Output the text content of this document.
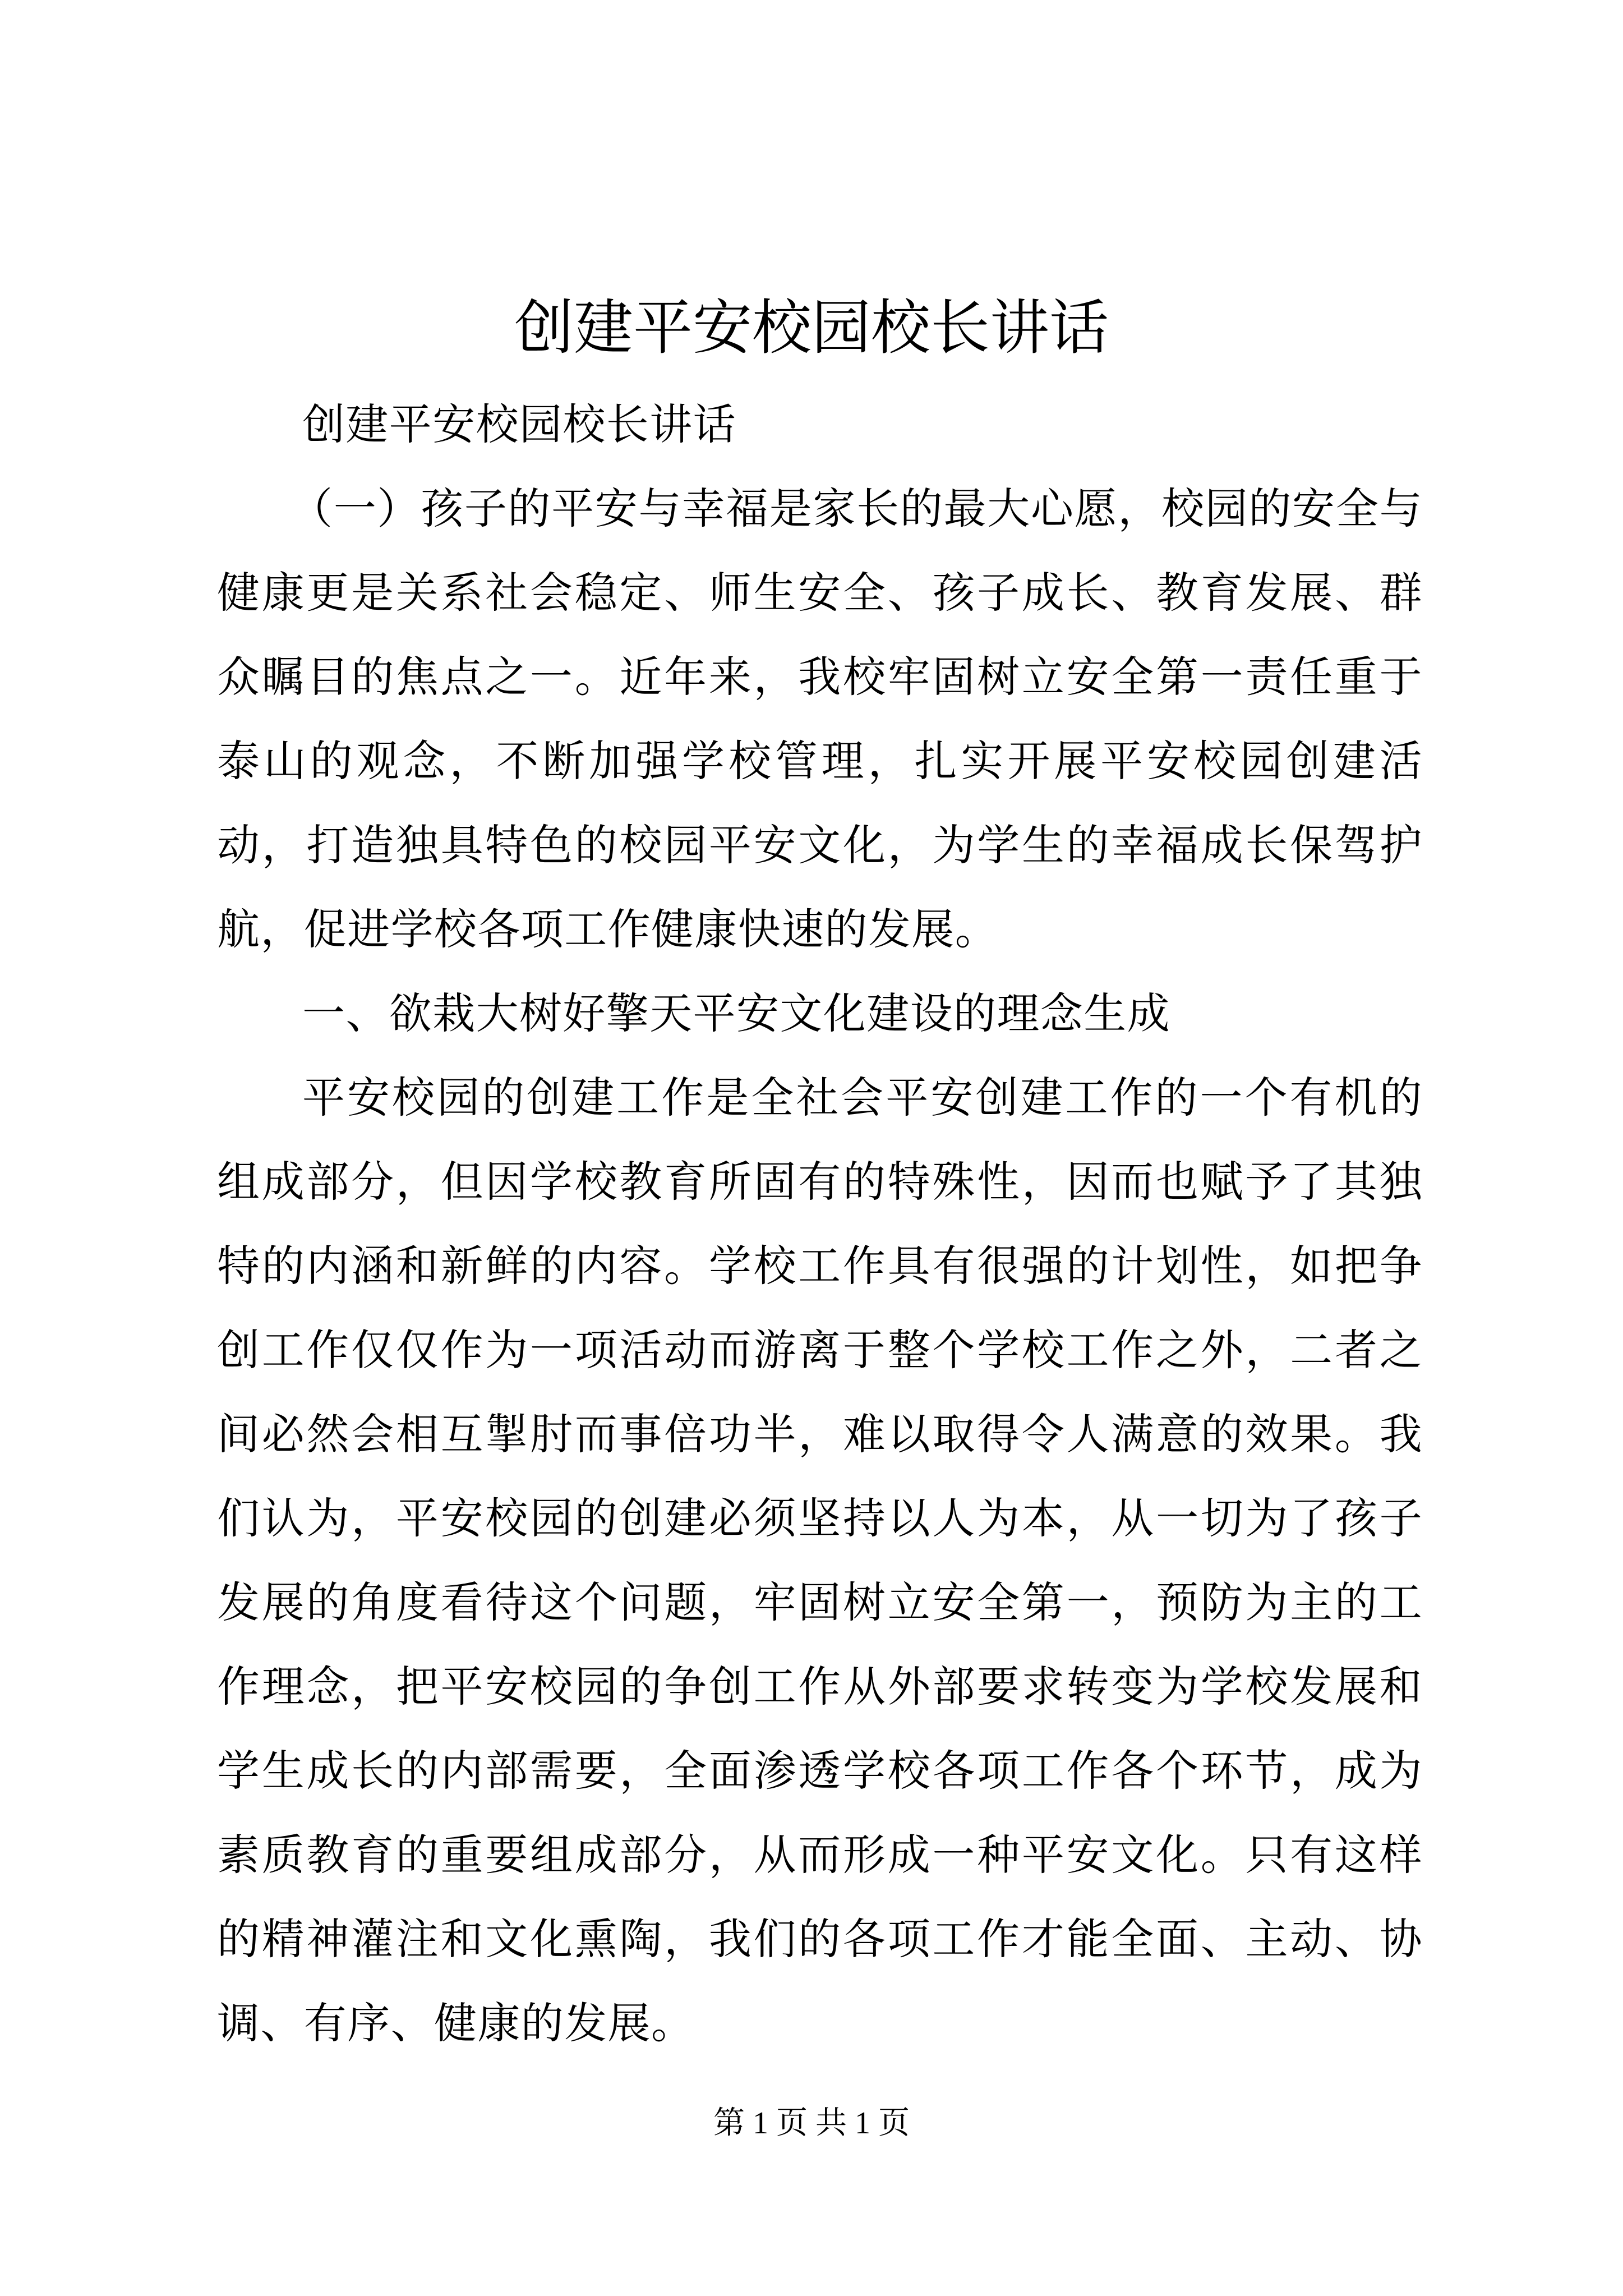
创建平安校园校长讲话

创建平安校园校长讲话

（一）孩子的平安与幸福是家长的最大心愿，校园的安全与健康更是关系社会稳定、师生安全、孩子成长、教育发展、群众瞩目的焦点之一。近年来，我校牢固树立安全第一责任重于泰山的观念，不断加强学校管理，扎实开展平安校园创建活动，打造独具特色的校园平安文化，为学生的幸福成长保驾护航，促进学校各项工作健康快速的发展。

一、欲栽大树好擎天平安文化建设的理念生成

平安校园的创建工作是全社会平安创建工作的一个有机的组成部分，但因学校教育所固有的特殊性，因而也赋予了其独特的内涵和新鲜的内容。学校工作具有很强的计划性，如把争创工作仅仅作为一项活动而游离于整个学校工作之外，二者之间必然会相互掣肘而事倍功半，难以取得令人满意的效果。我们认为，平安校园的创建必须坚持以人为本，从一切为了孩子发展的角度看待这个问题，牢固树立安全第一，预防为主的工作理念，把平安校园的争创工作从外部要求转变为学校发展和学生成长的内部需要，全面渗透学校各项工作各个环节，成为素质教育的重要组成部分，从而形成一种平安文化。只有这样的精神灌注和文化熏陶，我们的各项工作才能全面、主动、协调、有序、健康的发展。

第 1 页 共 1 页
